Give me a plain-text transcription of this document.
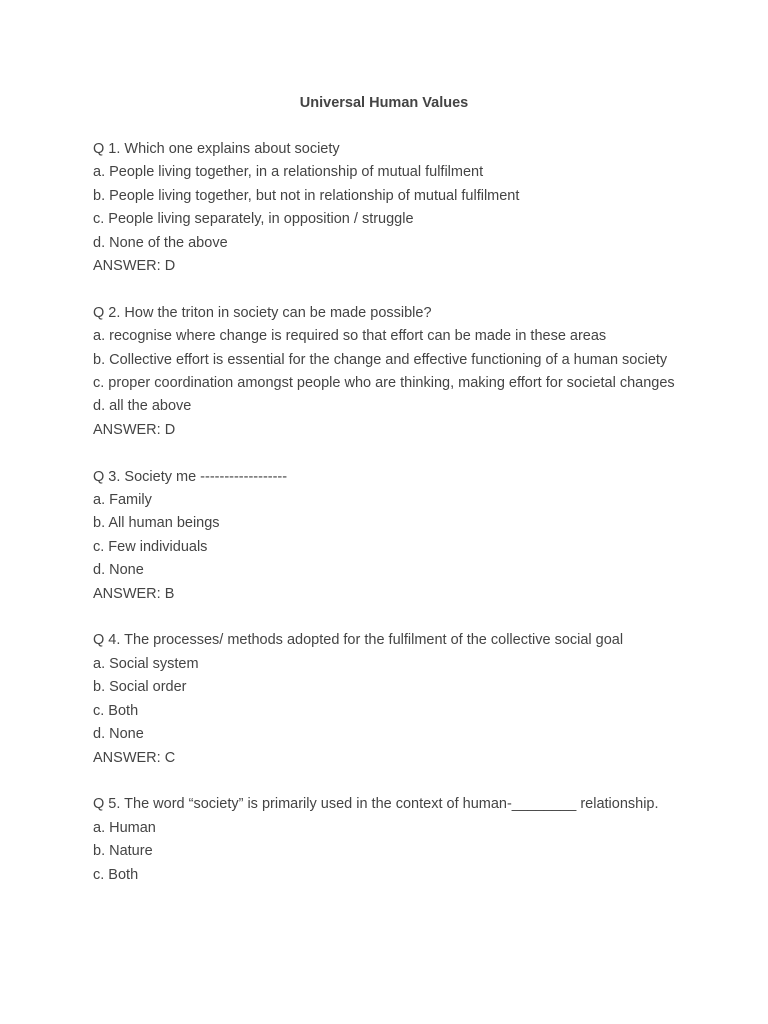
Universal Human Values
Q 1. Which one explains about society
a. People living together, in a relationship of mutual fulfilment
b. People living together, but not in relationship of mutual fulfilment
c. People living separately, in opposition / struggle
d. None of the above
ANSWER: D
Q 2. How the triton in society can be made possible?
a. recognise where change is required so that effort can be made in these areas
b. Collective effort is essential for the change and effective functioning of a human society
c. proper coordination amongst people who are thinking, making effort for societal changes
d. all the above
ANSWER: D
Q 3. Society me ------------------
a. Family
b. All human beings
c. Few individuals
d. None
ANSWER: B
Q 4. The processes/ methods adopted for the fulfilment of the collective social goal
a. Social system
b. Social order
c. Both
d. None
ANSWER: C
Q 5. The word “society” is primarily used in the context of human-________ relationship.
a. Human
b. Nature
c. Both
